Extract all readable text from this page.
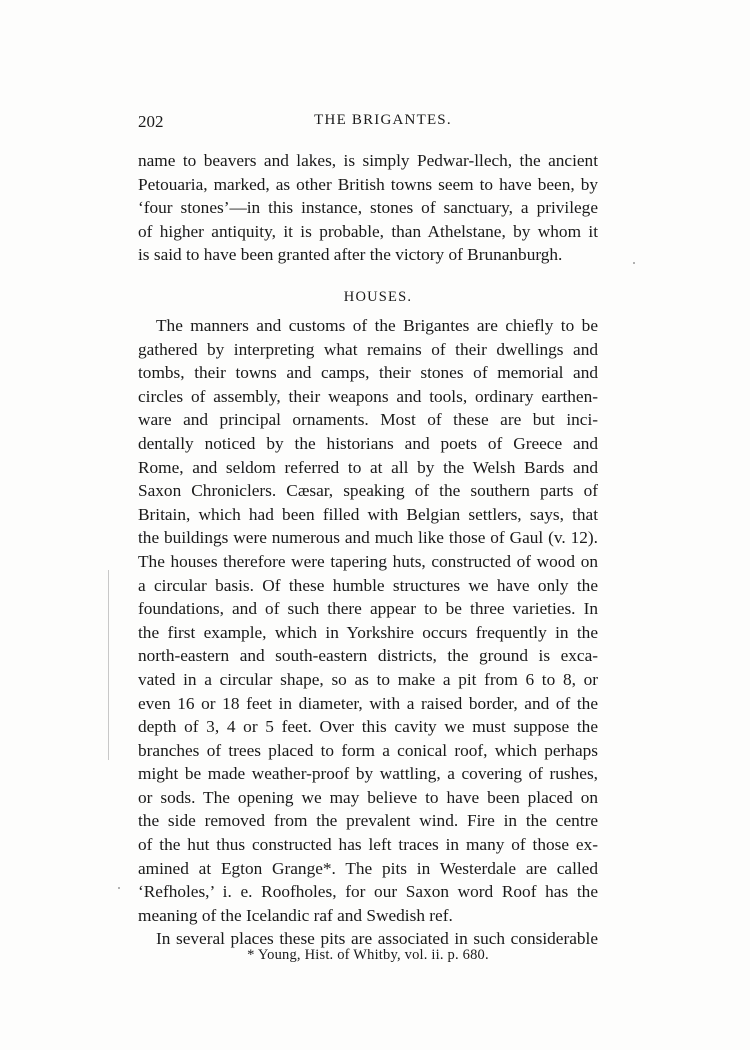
202	THE BRIGANTES.
name to beavers and lakes, is simply Pedwar-llech, the ancient
Petouaria, marked, as other British towns seem to have been, by
‘four stones’—in this instance, stones of sanctuary, a privilege
of higher antiquity, it is probable, than Athelstane, by whom it
is said to have been granted after the victory of Brunanburgh.
HOUSES.
The manners and customs of the Brigantes are chiefly to be
gathered by interpreting what remains of their dwellings and
tombs, their towns and camps, their stones of memorial and
circles of assembly, their weapons and tools, ordinary earthen-
ware and principal ornaments. Most of these are but inci-
dentally noticed by the historians and poets of Greece and
Rome, and seldom referred to at all by the Welsh Bards and
Saxon Chroniclers. Cæsar, speaking of the southern parts of
Britain, which had been filled with Belgian settlers, says, that
the buildings were numerous and much like those of Gaul (v. 12).
The houses therefore were tapering huts, constructed of wood on
a circular basis. Of these humble structures we have only the
foundations, and of such there appear to be three varieties. In
the first example, which in Yorkshire occurs frequently in the
north-eastern and south-eastern districts, the ground is exca-
vated in a circular shape, so as to make a pit from 6 to 8, or
even 16 or 18 feet in diameter, with a raised border, and of the
depth of 3, 4 or 5 feet. Over this cavity we must suppose the
branches of trees placed to form a conical roof, which perhaps
might be made weather-proof by wattling, a covering of rushes,
or sods. The opening we may believe to have been placed on
the side removed from the prevalent wind. Fire in the centre
of the hut thus constructed has left traces in many of those ex-
amined at Egton Grange*. The pits in Westerdale are called
‘Refholes,’ i. e. Roofholes, for our Saxon word Roof has the
meaning of the Icelandic raf and Swedish ref.
In several places these pits are associated in such considerable
* Young, Hist. of Whitby, vol. ii. p. 680.
